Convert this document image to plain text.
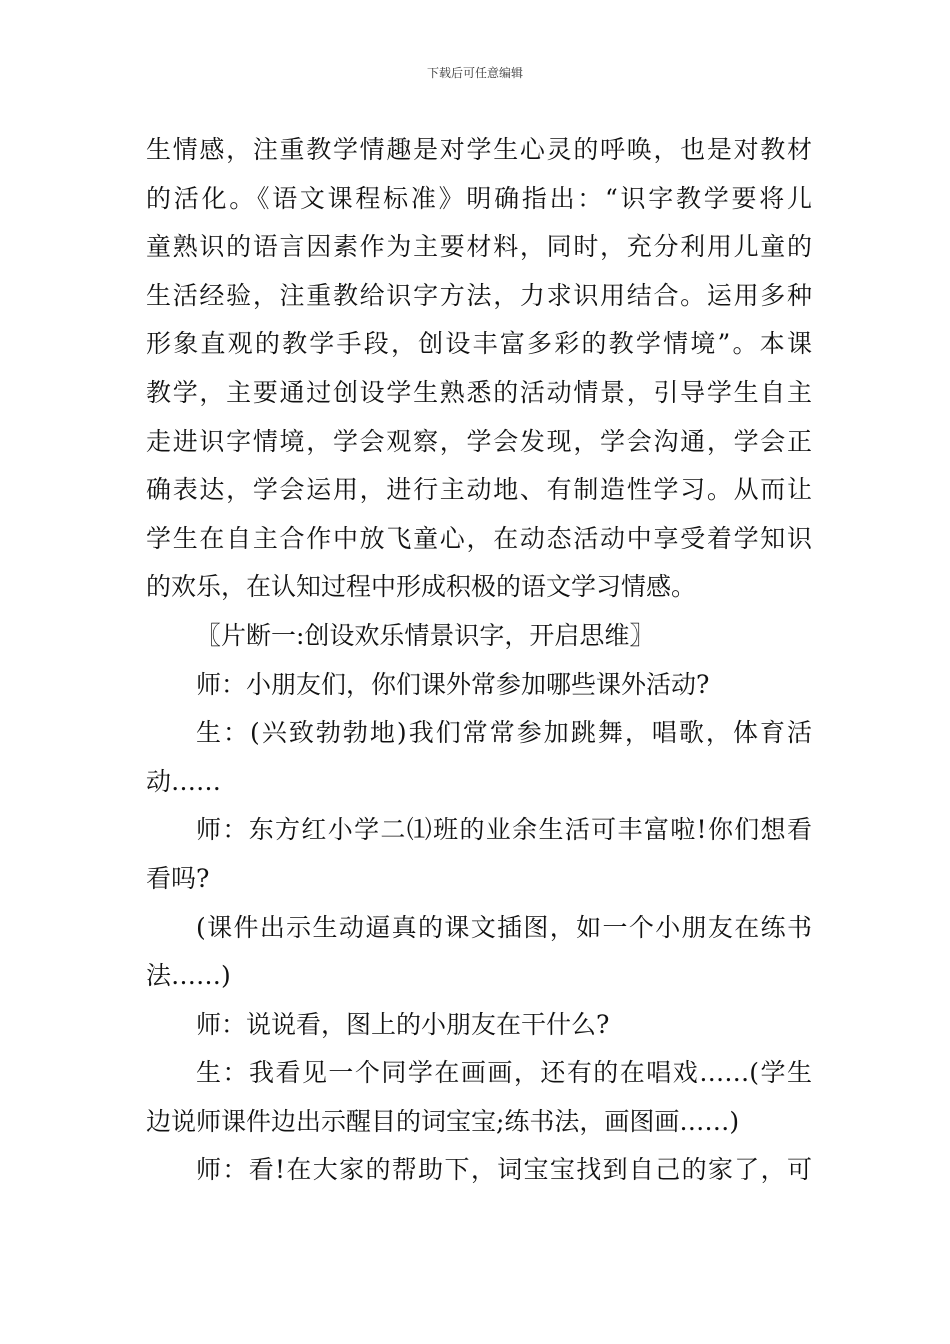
下载后可任意编辑
生情感，注重教学情趣是对学生心灵的呼唤，也是对教材
的活化。《语文课程标准》明确指出：“识字教学要将儿
童熟识的语言因素作为主要材料，同时，充分利用儿童的
生活经验，注重教给识字方法，力求识用结合。运用多种
形象直观的教学手段，创设丰富多彩的教学情境”。本课
教学，主要通过创设学生熟悉的活动情景，引导学生自主
走进识字情境，学会观察，学会发现，学会沟通，学会正
确表达，学会运用，进行主动地、有制造性学习。从而让
学生在自主合作中放飞童心，在动态活动中享受着学知识
的欢乐，在认知过程中形成积极的语文学习情感。
〖片断一:创设欢乐情景识字，开启思维〗
师：小朋友们，你们课外常参加哪些课外活动?
生：(兴致勃勃地)我们常常参加跳舞，唱歌，体育活
动……
师：东方红小学二⑴班的业余生活可丰富啦!你们想看
看吗?
(课件出示生动逼真的课文插图，如一个小朋友在练书
法……)
师：说说看，图上的小朋友在干什么?
生：我看见一个同学在画画，还有的在唱戏……(学生
边说师课件边出示醒目的词宝宝;练书法，画图画……)
师：看!在大家的帮助下，词宝宝找到自己的家了，可
